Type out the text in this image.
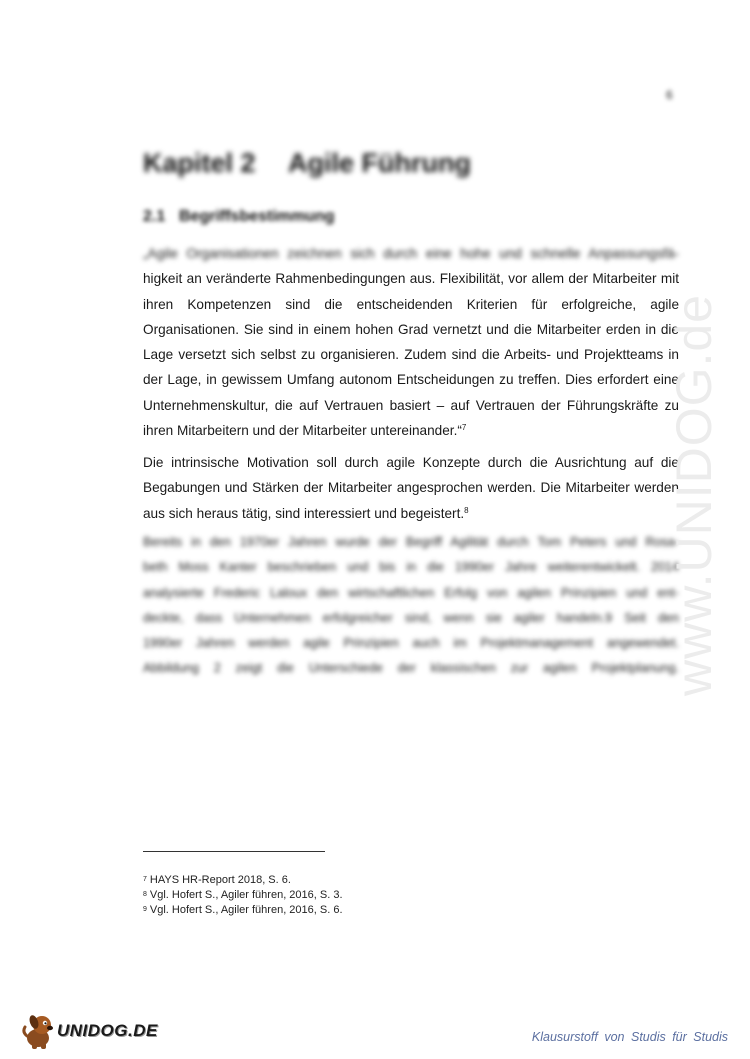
6
Kapitel 2 Agile Führung
2.1 Begriffsbestimmung
„Agile Organisationen zeichnen sich durch eine hohe und schnelle Anpassungsfä-

higkeit an veränderte Rahmenbedingungen aus. Flexibilität, vor allem der Mitarbeiter mit ihren Kompetenzen sind die entscheidenden Kriterien für erfolgreiche, agile Organisationen. Sie sind in einem hohen Grad vernetzt und die Mitarbeiter erden in die Lage versetzt sich selbst zu organisieren. Zudem sind die Arbeits- und Projektteams in der Lage, in gewissem Umfang autonom Entscheidungen zu treffen. Dies erfordert eine Unternehmenskultur, die auf Vertrauen basiert – auf Vertrauen der Führungskräfte zu ihren Mitarbeitern und der Mitarbeiter untereinander.“$^7$

Die intrinsische Motivation soll durch agile Konzepte durch die Ausrichtung auf die Begabungen und Stärken der Mitarbeiter angesprochen werden. Die Mitarbeiter werden aus sich heraus tätig, sind interessiert und begeistert.$^8$

Bereits in den 1970er Jahren wurde der Begriff Agilität durch Tom Peters und Rosa-
beth Moss Kanter beschrieben und bis in die 1990er Jahre weiterentwickelt. 2014
analysierte Frederic Laloux den wirtschaftlichen Erfolg von agilen Prinzipien und ent-
deckte, dass Unternehmen erfolgreicher sind, wenn sie agiler handeln.9 Seit den
1990er Jahren werden agile Prinzipien auch im Projektmanagement angewendet.
Abbildung 2 zeigt die Unterschiede der klassischen zur agilen Projektplanung.
$^7$ HAYS HR-Report 2018, S. 6.
$^8$ Vgl. Hofert S., Agiler führen, 2016, S. 3.
$^9$ Vgl. Hofert S., Agiler führen, 2016, S. 6.
www.UNIDOG.de
UNIDOG.DE	Klausurstoff von Studis für Studis
